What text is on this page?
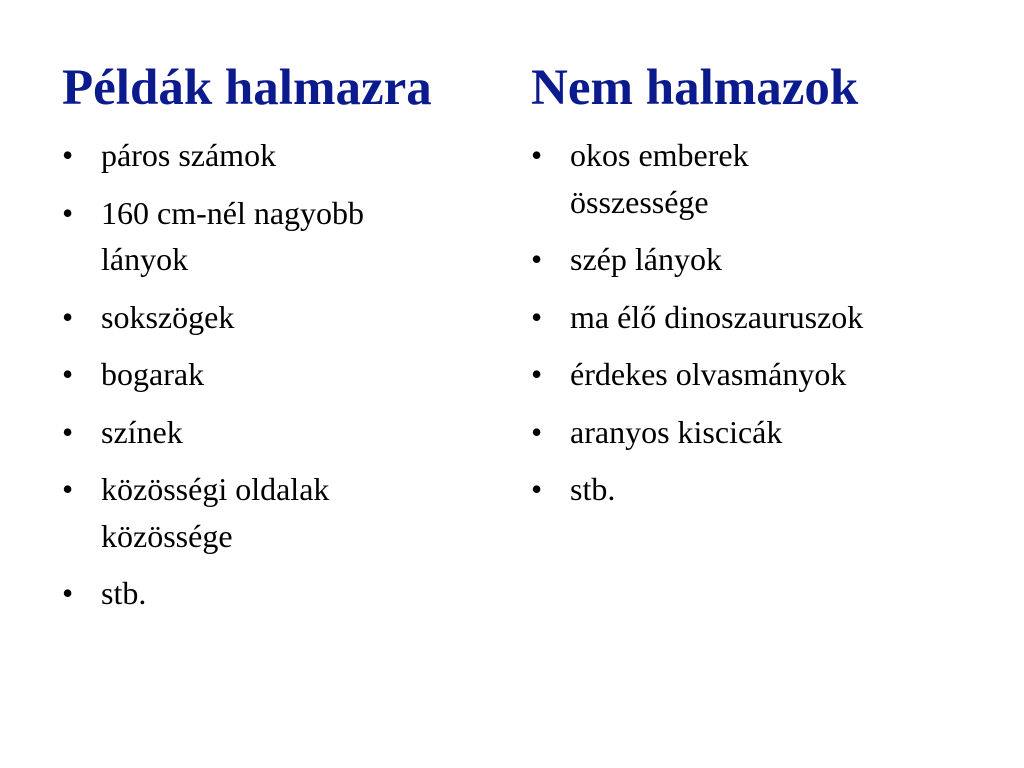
Példák halmazra
• páros számok
• 160 cm-nél nagyobb
lányok
• sokszögek
• bogarak
• színek
• közösségi oldalak
közössége
• stb.
Nem halmazok
• okos emberek
összessége
• szép lányok
• ma élő dinoszauruszok
• érdekes olvasmányok
• aranyos kiscicák
• stb.
